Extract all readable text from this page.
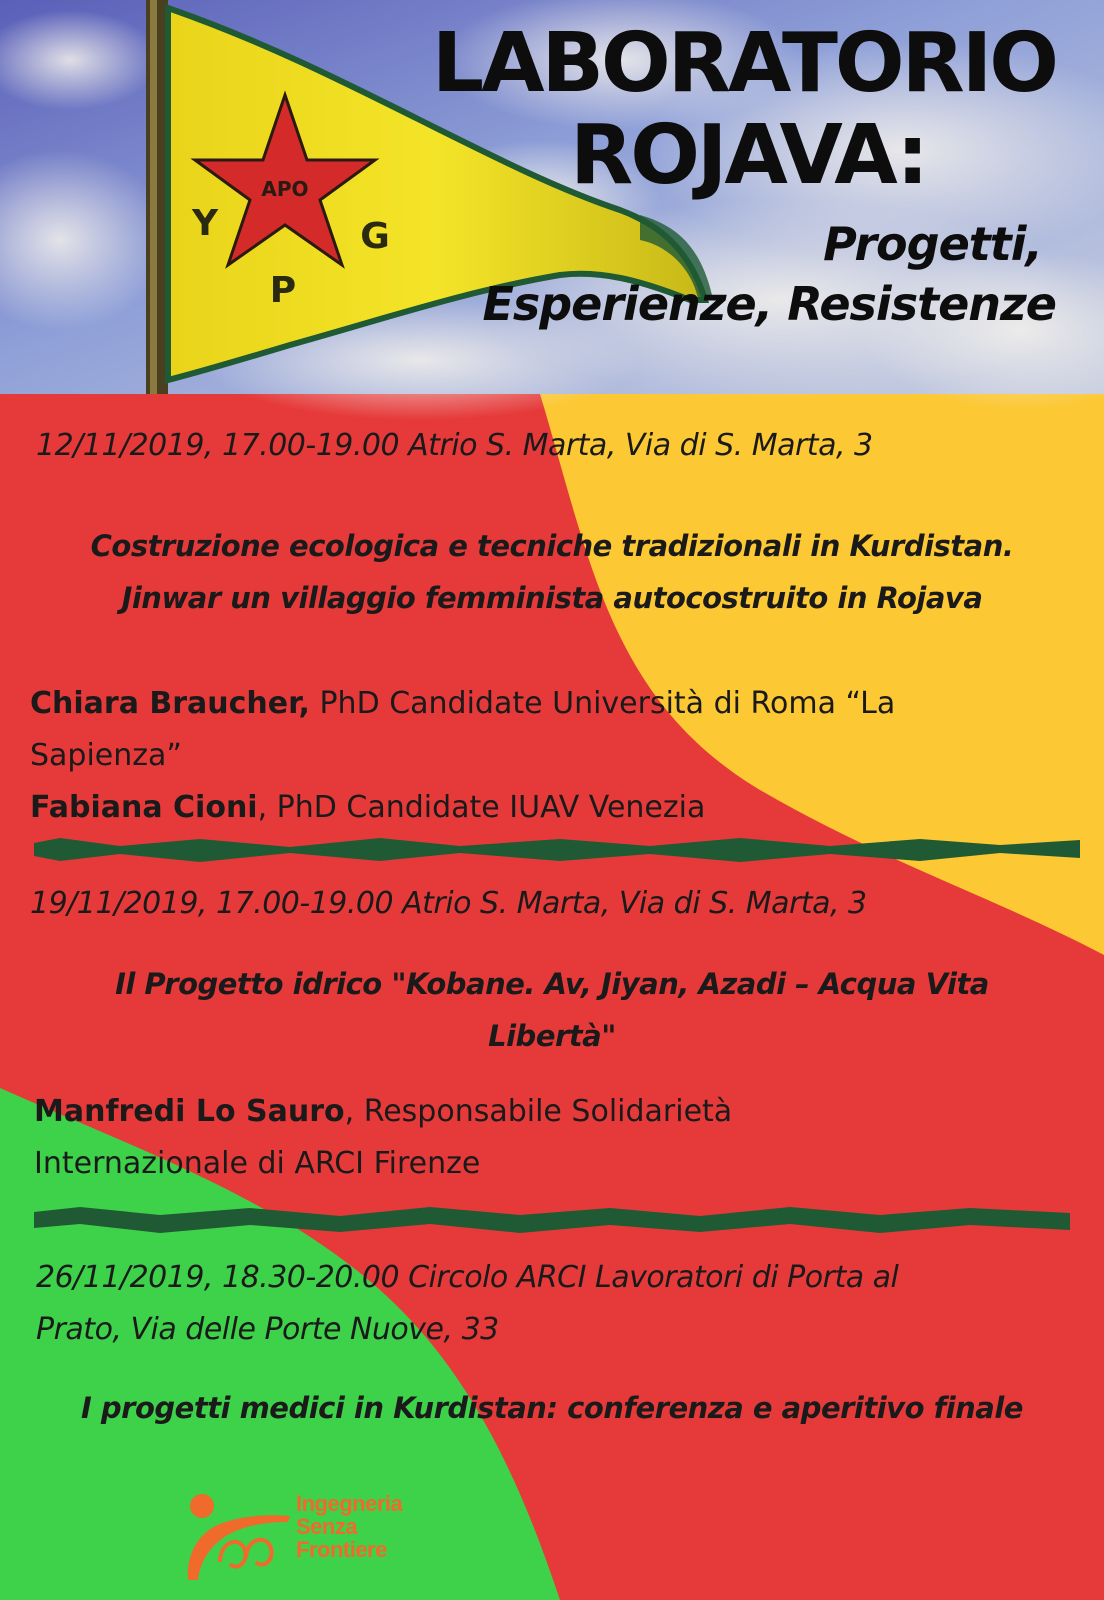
APO
Y
P
G
LABORATORIO
ROJAVA:
Progetti,
Esperienze, Resistenze

12/11/2019, 17.00-19.00 Atrio S. Marta, Via di S. Marta, 3

Costruzione ecologica e tecniche tradizionali in Kurdistan.
Jinwar un villaggio femminista autocostruito in Rojava
Chiara Braucher, PhD Candidate Università di Roma “La
Sapienza”
Fabiana Cioni, PhD Candidate IUAV Venezia

19/11/2019, 17.00-19.00 Atrio S. Marta, Via di S. Marta, 3

Il Progetto idrico "Kobane. Av, Jiyan, Azadi – Acqua Vita
Libertà"
Manfredi Lo Sauro, Responsabile Solidarietà
Internazionale di ARCI Firenze
26/11/2019, 18.30-20.00 Circolo ARCI Lavoratori di Porta al
Prato, Via delle Porte Nuove, 33
I progetti medici in Kurdistan: conferenza e aperitivo finale
Ingegneria
Senza
Frontiere
